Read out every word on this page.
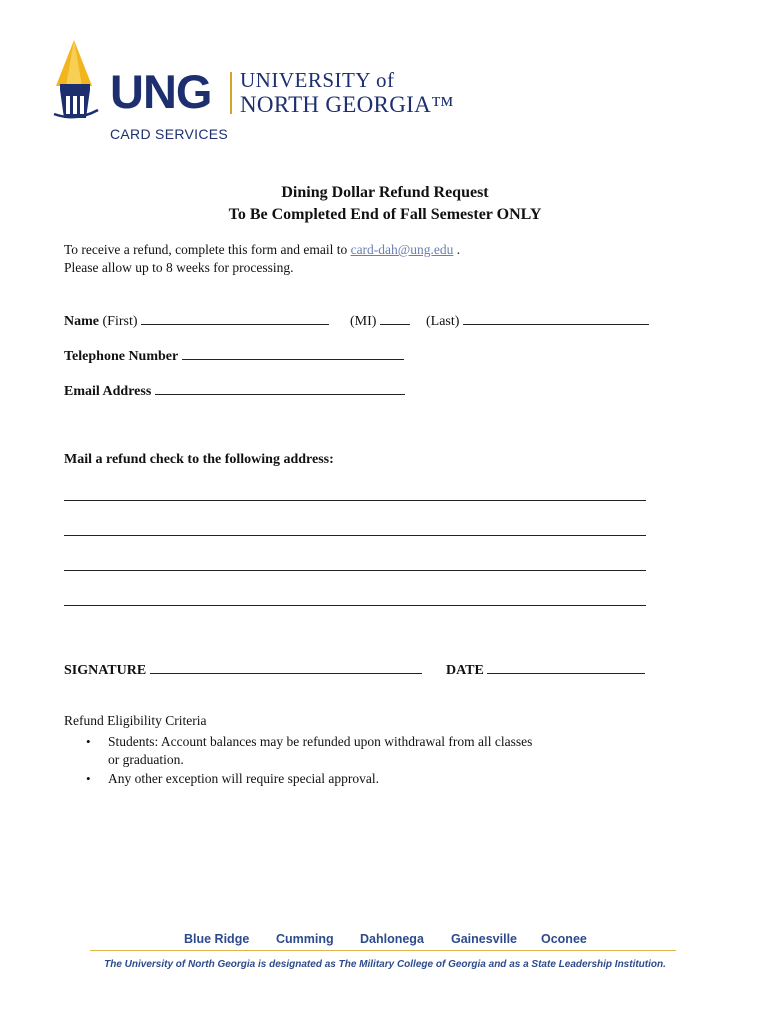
UNG UNIVERSITY of
NORTH GEORGIA™
CARD SERVICES
Dining Dollar Refund Request
To Be Completed End of Fall Semester ONLY
To receive a refund, complete this form and email to card-dah@ung.edu .
Please allow up to 8 weeks for processing.
Name (First)	(MI)	(Last)
Telephone Number
Email Address
Mail a refund check to the following address:
SIGNATURE	DATE
Refund Eligibility Criteria
• Students: Account balances may be refunded upon withdrawal from all classes
or graduation.
• Any other exception will require special approval.
Blue Ridge Cumming Dahlonega Gainesville Oconee
The University of North Georgia is designated as The Military College of Georgia and as a State Leadership Institution.
